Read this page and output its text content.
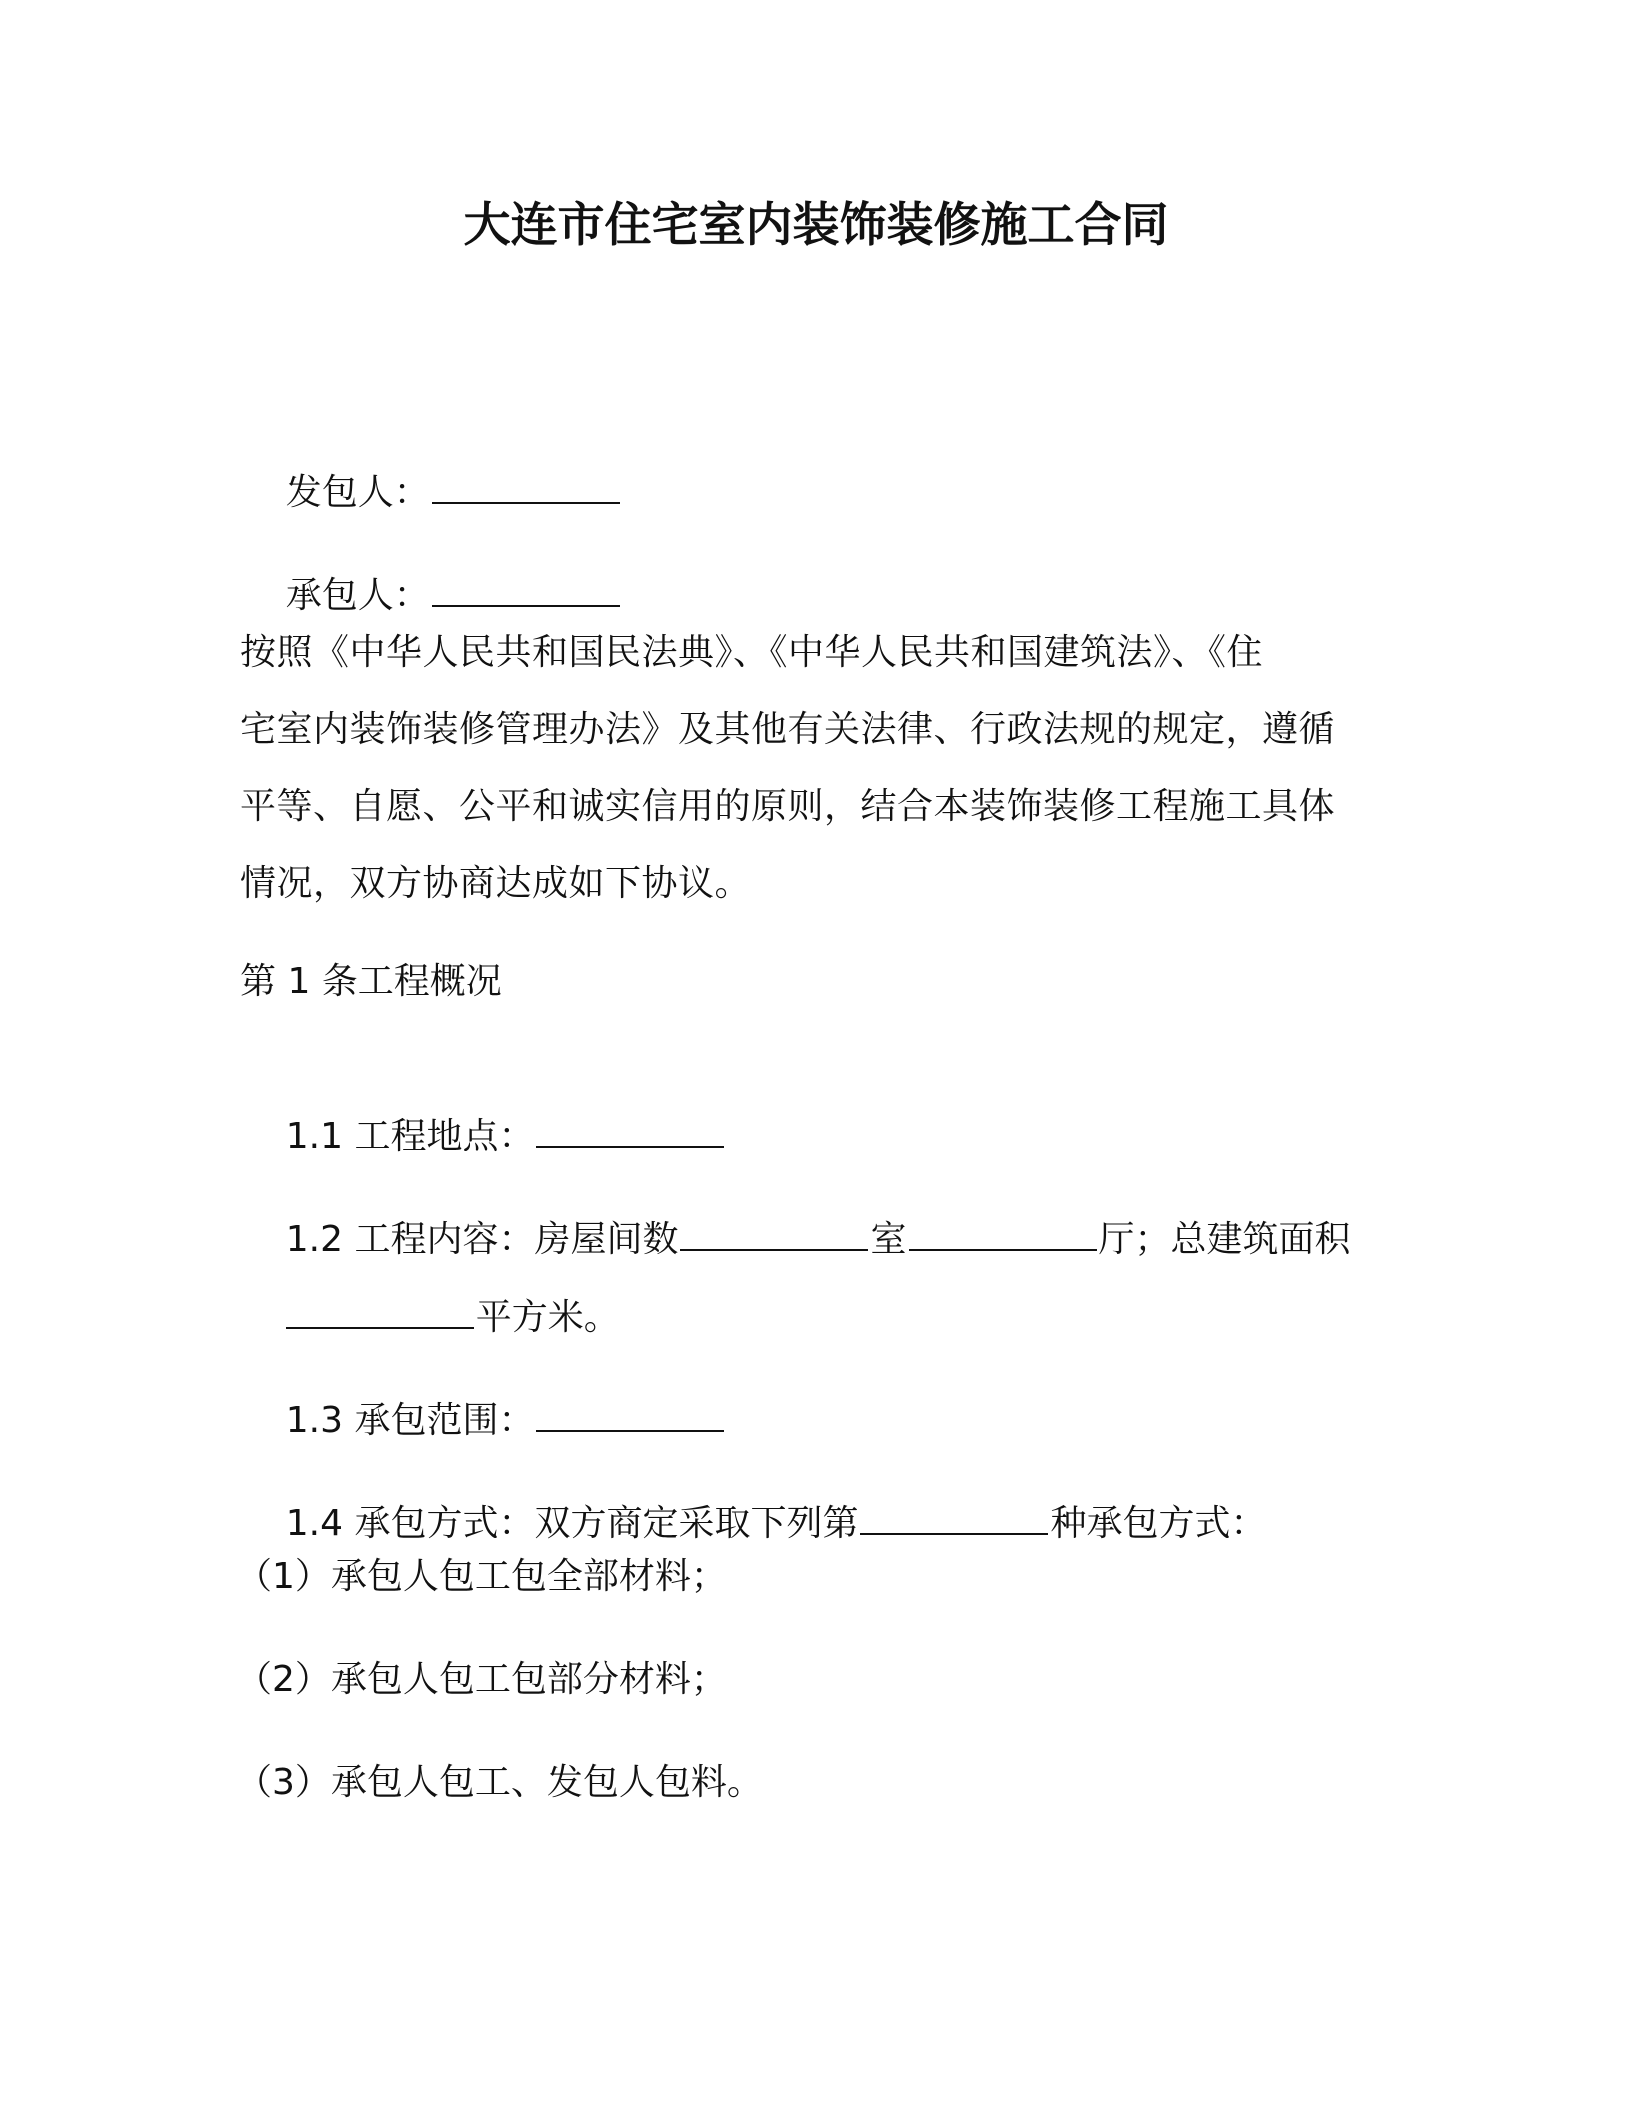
大连市住宅室内装饰装修施工合同

发包人：

承包人：

按照《中华人民共和国民法典》、《中华人民共和国建筑法》、《住
宅室内装饰装修管理办法》及其他有关法律、行政法规的规定，遵循
平等、自愿、公平和诚实信用的原则，结合本装饰装修工程施工具体
情况，双方协商达成如下协议。
第 1 条工程概况

1.1 工程地点：

1.2 工程内容：房屋间数	室	厅；总建筑面积

平方米。

1.3 承包范围：

1.4 承包方式：双方商定采取下列第	种承包方式：

（1）承包人包工包全部材料；
（2）承包人包工包部分材料；
（3）承包人包工、发包人包料。
